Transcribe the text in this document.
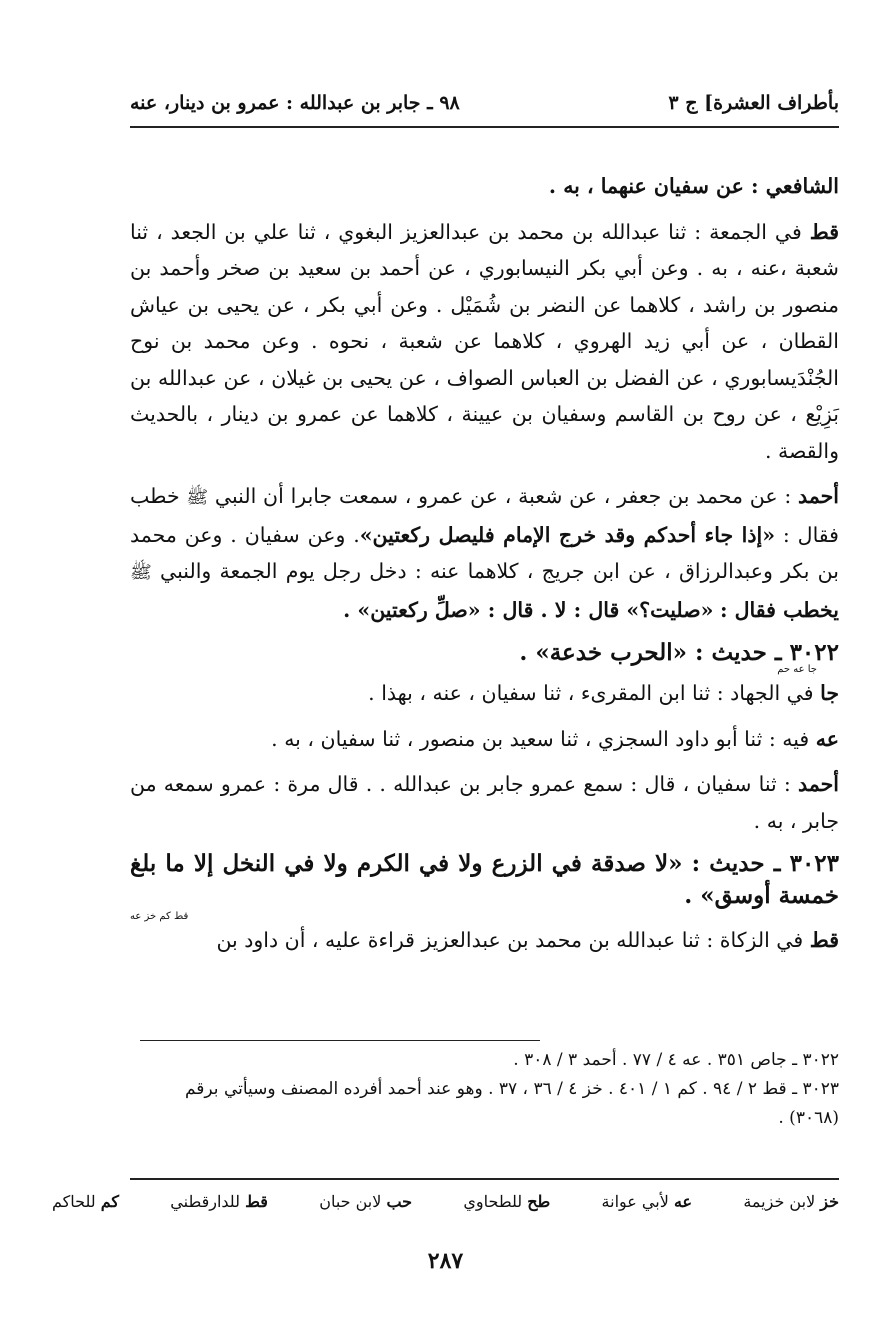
بأطراف العشرة] ج ٣
٩٨ ـ جابر بن عبدالله : عمرو بن دينار، عنه

الشافعي : عن سفيان عنهما ، به .

قط في الجمعة : ثنا عبدالله بن محمد بن عبدالعزيز البغوي ، ثنا علي بن الجعد ، ثنا شعبة ،عنه ، به . وعن أبي بكر النيسابوري ، عن أحمد بن سعيد بن صخر وأحمد بن منصور بن راشد ، كلاهما عن النضر بن شُمَيْل . وعن أبي بكر ، عن يحيى بن عياش القطان ، عن أبي زيد الهروي ، كلاهما عن شعبة ، نحوه . وعن محمد بن نوح الجُنْدَيسابوري ، عن الفضل بن العباس الصواف ، عن يحيى بن غيلان ، عن عبدالله بن بَزِيْع ، عن روح بن القاسم وسفيان بن عيينة ، كلاهما عن عمرو بن دينار ، بالحديث والقصة .

أحمد : عن محمد بن جعفر ، عن شعبة ، عن عمرو ، سمعت جابرا أن النبي ﷺ خطب فقال : «إذا جاء أحدكم وقد خرج الإمام فليصل ركعتين». وعن سفيان . وعن محمد بن بكر وعبدالرزاق ، عن ابن جريج ، كلاهما عنه : دخل رجل يوم الجمعة والنبي ﷺ يخطب فقال : «صليت؟» قال : لا . قال : «صلِّ ركعتين» .

٣٠٢٢ ـ حديث : «الحرب خدعة» .
جا عه حم

جا في الجهاد : ثنا ابن المقرىء ، ثنا سفيان ، عنه ، بهذا .

عه فيه : ثنا أبو داود السجزي ، ثنا سعيد بن منصور ، ثنا سفيان ، به .

أحمد : ثنا سفيان ، قال : سمع عمرو جابر بن عبدالله . . قال مرة : عمرو سمعه من جابر ، به .

٣٠٢٣ ـ حديث : «لا صدقة في الزرع ولا في الكرم ولا في النخل إلا ما بلغ خمسة أوسق» .
قط كم خز عه

قط في الزكاة : ثنا عبدالله بن محمد بن عبدالعزيز قراءة عليه ، أن داود بن

٣٠٢٢ ـ جاص ٣٥١ . عه ٤ / ٧٧ . أحمد ٣ / ٣٠٨ .

٣٠٢٣ ـ قط ٢ / ٩٤ . كم ١ / ٤٠١ . خز ٤ / ٣٦ ، ٣٧ . وهو عند أحمد أفرده المصنف وسيأتي برقم (٣٠٦٨) .

خز لابن خزيمة
عه لأبي عوانة
طح للطحاوي
حب لابن حبان
قط للدارقطني
كم للحاكم
٢٨٧
